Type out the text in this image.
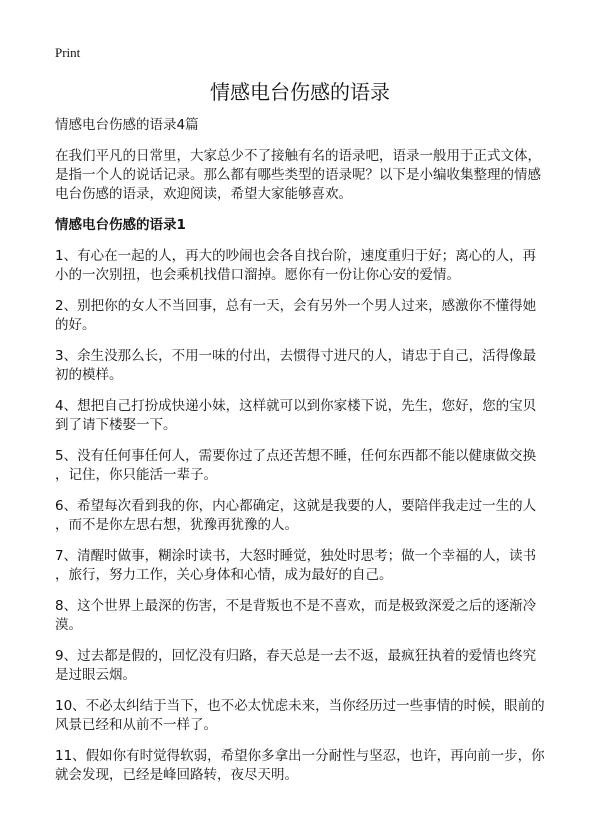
Print
情感电台伤感的语录
情感电台伤感的语录4篇
在我们平凡的日常里，大家总少不了接触有名的语录吧，语录一般用于正式文体，
是指一个人的说话记录。那么都有哪些类型的语录呢？以下是小编收集整理的情感
电台伤感的语录，欢迎阅读，希望大家能够喜欢。
情感电台伤感的语录1
1、有心在一起的人，再大的吵闹也会各自找台阶，速度重归于好；离心的人，再
小的一次别扭，也会乘机找借口溜掉。愿你有一份让你心安的爱情。
2、别把你的女人不当回事，总有一天，会有另外一个男人过来，感激你不懂得她
的好。
3、余生没那么长，不用一味的付出，去惯得寸进尺的人，请忠于自己，活得像最
初的模样。
4、想把自己打扮成快递小妹，这样就可以到你家楼下说，先生，您好，您的宝贝
到了请下楼娶一下。
5、没有任何事任何人，需要你过了点还苦想不睡，任何东西都不能以健康做交换
，记住，你只能活一辈子。
6、希望每次看到我的你，内心都确定，这就是我要的人，要陪伴我走过一生的人
，而不是你左思右想，犹豫再犹豫的人。
7、清醒时做事，糊涂时读书，大怒时睡觉，独处时思考；做一个幸福的人，读书
，旅行，努力工作，关心身体和心情，成为最好的自己。
8、这个世界上最深的伤害，不是背叛也不是不喜欢，而是极致深爱之后的逐渐冷
漠。
9、过去都是假的，回忆没有归路，春天总是一去不返，最疯狂执着的爱情也终究
是过眼云烟。
10、不必太纠结于当下，也不必太忧虑未来，当你经历过一些事情的时候，眼前的
风景已经和从前不一样了。
11、假如你有时觉得软弱，希望你多拿出一分耐性与坚忍，也许，再向前一步，你
就会发现，已经是峰回路转，夜尽天明。
